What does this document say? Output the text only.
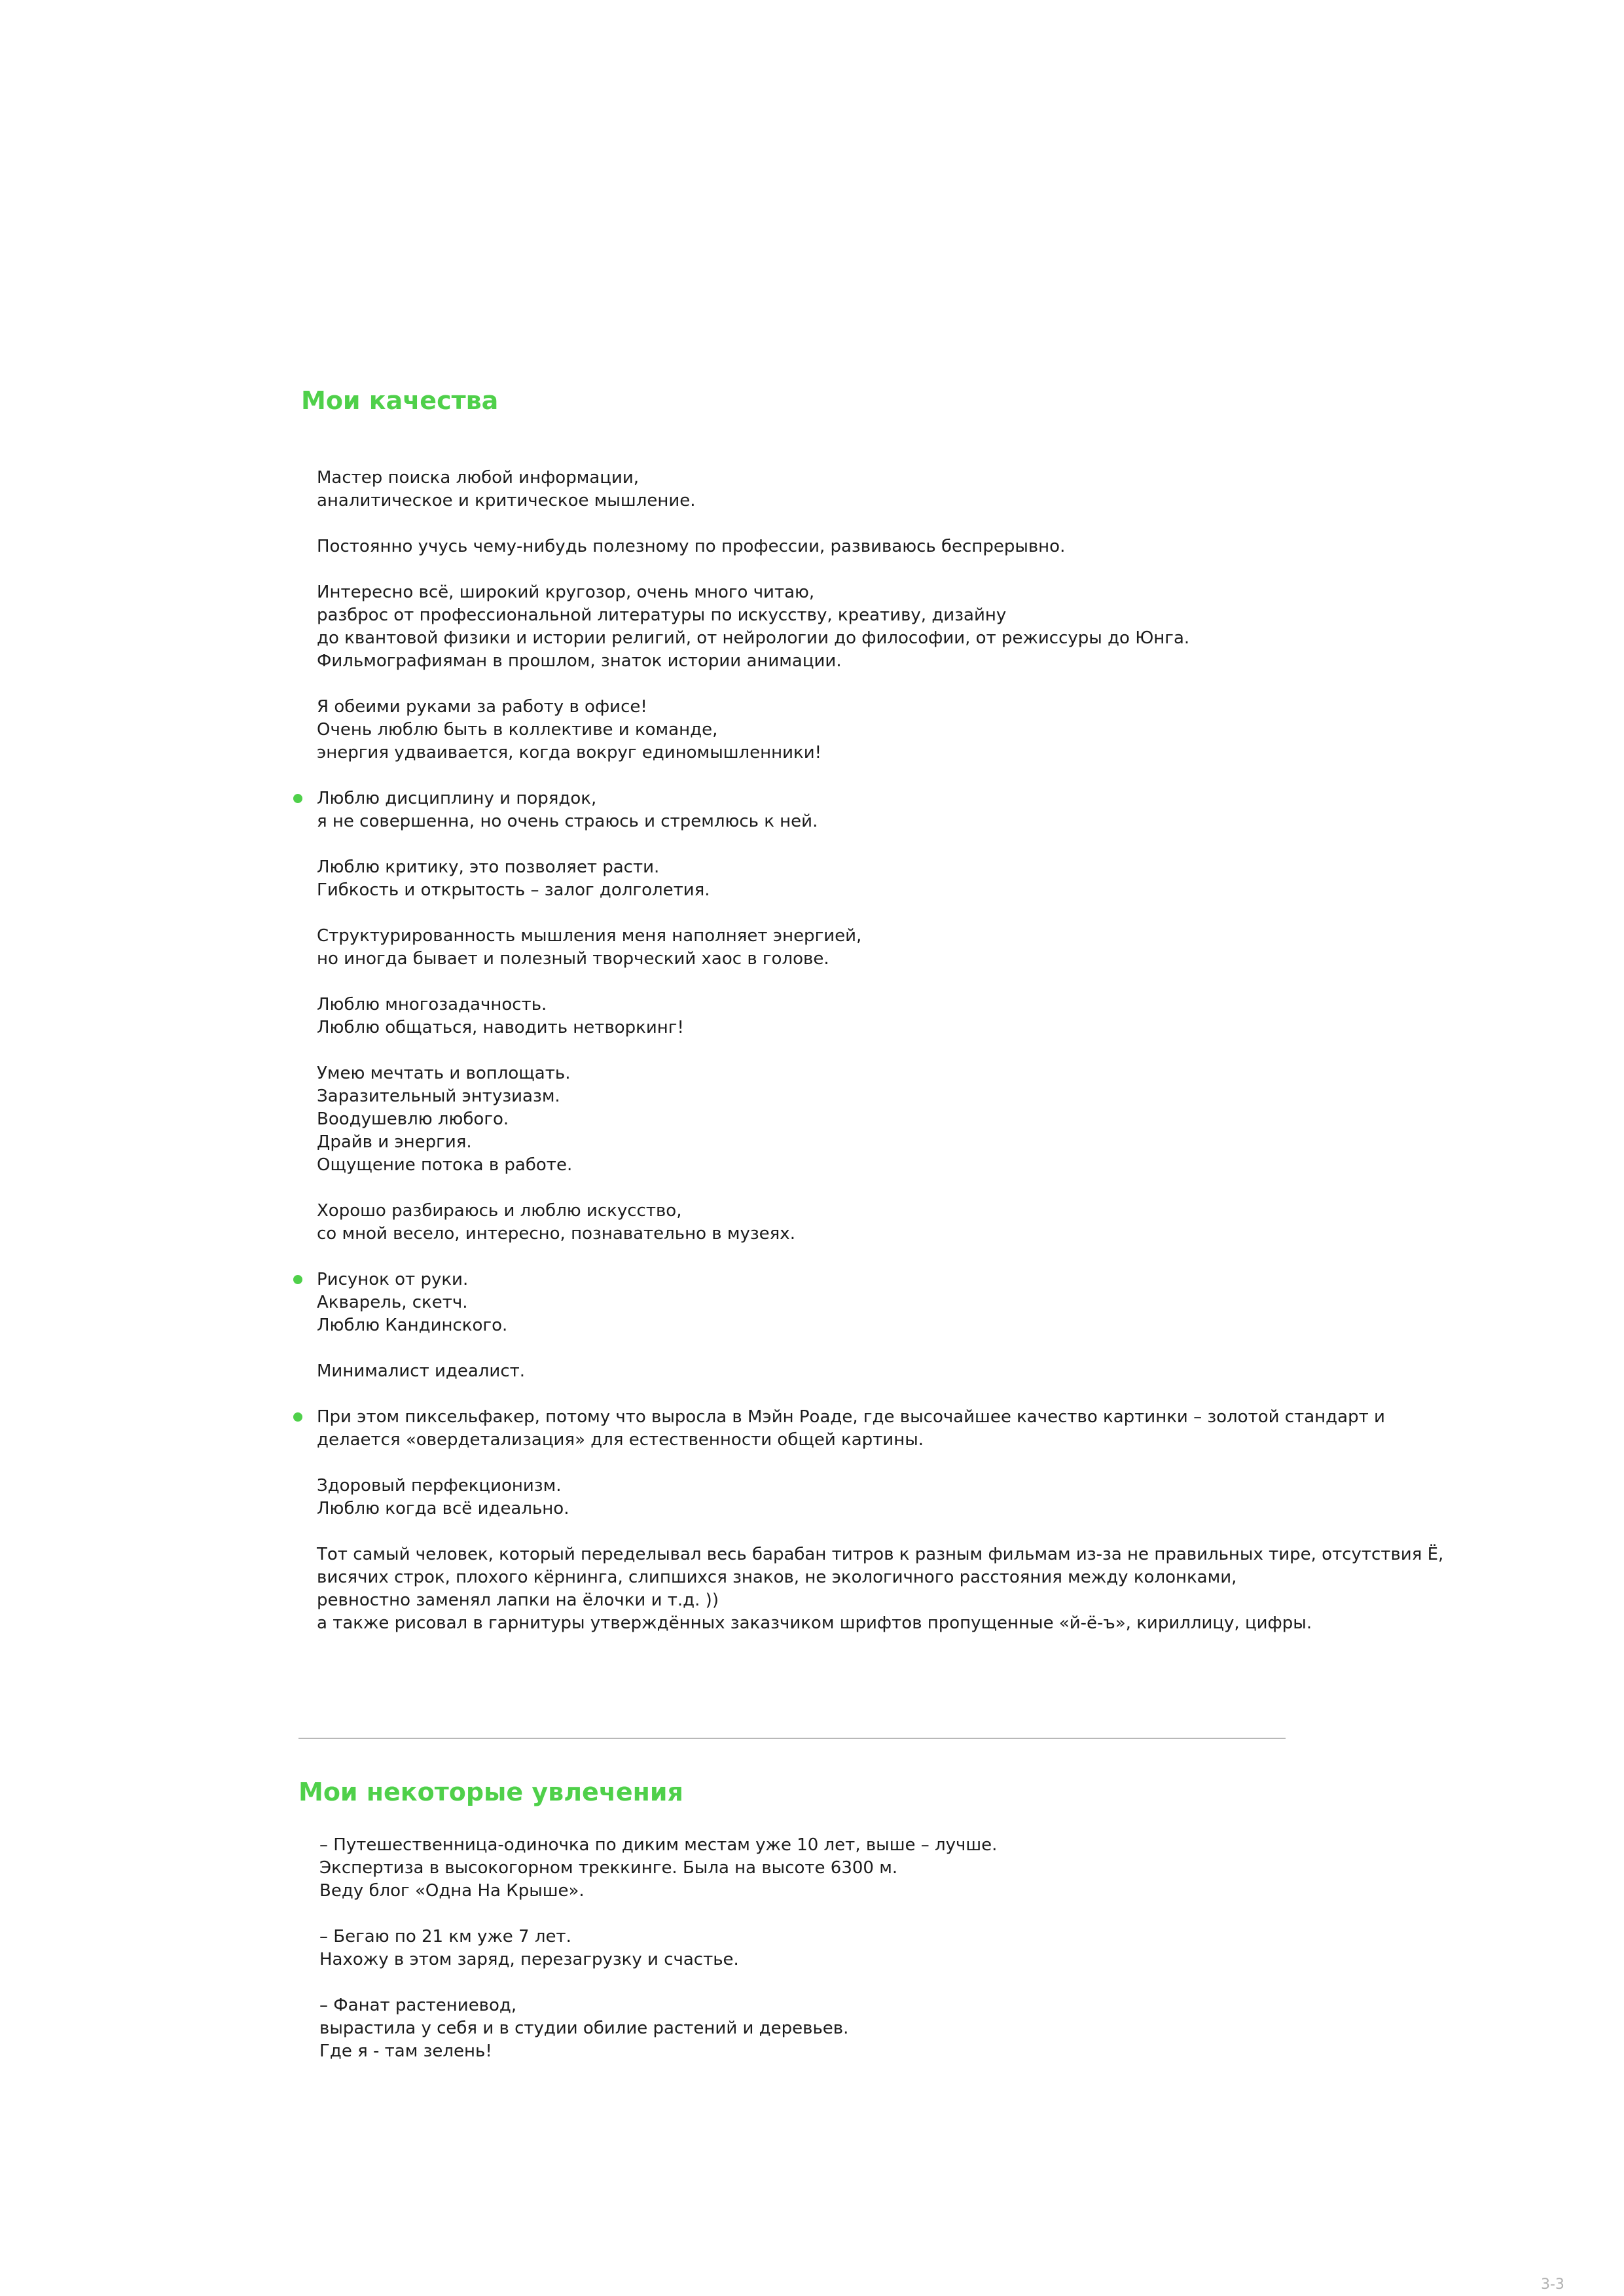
Мои качества
Мастер поиска любой информации,
аналитическое и критическое мышление.
Постоянно учусь чему-нибудь полезному по профессии, развиваюсь беспрерывно.
Интересно всё, широкий кругозор, очень много читаю,
разброс от профессиональной литературы по искусству, креативу, дизайну
до квантовой физики и истории религий, от нейрологии до философии, от режиссуры до Юнга.
Фильмографияман в прошлом, знаток истории анимации.
Я обеими руками за работу в офисе!
Очень люблю быть в коллективе и команде,
энергия удваивается, когда вокруг единомышленники!
Люблю дисциплину и порядок,
я не совершенна, но очень страюсь и стремлюсь к ней.
Люблю критику, это позволяет расти.
Гибкость и открытость – залог долголетия.
Структурированность мышления меня наполняет энергией,
но иногда бывает и полезный творческий хаос в голове.
Люблю многозадачность.
Люблю общаться, наводить нетворкинг!
Умею мечтать и воплощать.
Заразительный энтузиазм.
Воодушевлю любого.
Драйв и энергия.
Ощущение потока в работе.
Хорошо разбираюсь и люблю искусство,
со мной весело, интересно, познавательно в музеях.
Рисунок от руки.
Акварель, скетч.
Люблю Кандинского.
Минималист идеалист.
При этом пиксельфакер, потому что выросла в Мэйн Роаде, где высочайшее качество картинки – золотой стандарт и
делается «овердетализация» для естественности общей картины.
Здоровый перфекционизм.
Люблю когда всё идеально.
Тот самый человек, который переделывал весь барабан титров к разным фильмам из-за не правильных тире, отсутствия Ё,
висячих строк, плохого кёрнинга, слипшихся знаков, не экологичного расстояния между колонками,
ревностно заменял лапки на ёлочки и т.д. ))
а также рисовал в гарнитуры утверждённых заказчиком шрифтов пропущенные «й-ё-ъ», кириллицу, цифры.
Мои некоторые увлечения
– Путешественница-одиночка по диким местам уже 10 лет, выше – лучше.
Экспертиза в высокогорном треккинге. Была на высоте 6300 м.
Веду блог «Одна На Крыше».
– Бегаю по 21 км уже 7 лет.
Нахожу в этом заряд, перезагрузку и счастье.
– Фанат растениевод,
вырастила у себя и в студии обилие растений и деревьев.
Где я - там зелень!
3-3
